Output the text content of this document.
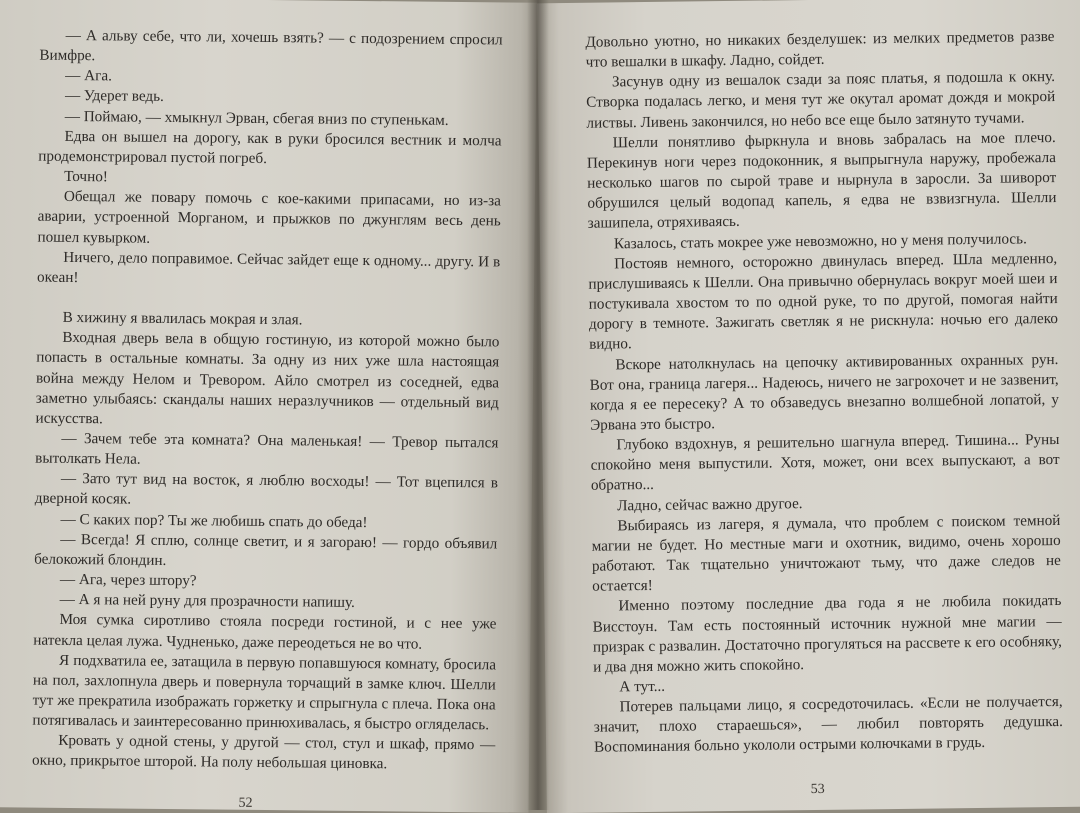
— А альву себе, что ли, хочешь взять? — с подозрением спросил Вимфре.

— Ага.

— Удерет ведь.

— Поймаю, — хмыкнул Эрван, сбегая вниз по ступенькам.

Едва он вышел на дорогу, как в руки бросился вестник и молча продемонстрировал пустой погреб.

Точно!

Обещал же повару помочь с кое-какими припасами, но из-за аварии, устроенной Морганом, и прыжков по джунглям весь день пошел кувырком.

Ничего, дело поправимое. Сейчас зайдет еще к одному... другу. И в океан!

В хижину я ввалилась мокрая и злая.

Входная дверь вела в общую гостиную, из которой можно было попасть в остальные комнаты. За одну из них уже шла настоящая война между Нелом и Тревором. Айло смотрел из соседней, едва заметно улыбаясь: скандалы наших неразлучников — отдельный вид искусства.

— Зачем тебе эта комната? Она маленькая! — Тревор пытался вытолкать Нела.

— Зато тут вид на восток, я люблю восходы! — Тот вцепился в дверной косяк.

— С каких пор? Ты же любишь спать до обеда!

— Всегда! Я сплю, солнце светит, и я загораю! — гордо объявил белокожий блондин.

— Ага, через штору?

— А я на ней руну для прозрачности напишу.

Моя сумка сиротливо стояла посреди гостиной, и с нее уже натекла целая лужа. Чудненько, даже переодеться не во что.

Я подхватила ее, затащила в первую попавшуюся комнату, бросила на пол, захлопнула дверь и повернула торчащий в замке ключ. Шелли тут же прекратила изображать горжетку и спрыгнула с плеча. Пока она потягивалась и заинтересованно принюхивалась, я быстро огляделась.

Кровать у одной стены, у другой — стол, стул и шкаф, прямо — окно, прикрытое шторой. На полу небольшая циновка.

52

Довольно уютно, но никаких безделушек: из мелких предметов разве что вешалки в шкафу. Ладно, сойдет.

Засунув одну из вешалок сзади за пояс платья, я подошла к окну. Створка подалась легко, и меня тут же окутал аромат дождя и мокрой листвы. Ливень закончился, но небо все еще было затянуто тучами.

Шелли понятливо фыркнула и вновь забралась на мое плечо. Перекинув ноги через подоконник, я выпрыгнула наружу, пробежала несколько шагов по сырой траве и нырнула в заросли. За шиворот обрушился целый водопад капель, я едва не взвизгнула. Шелли зашипела, отряхиваясь.

Казалось, стать мокрее уже невозможно, но у меня получилось.

Постояв немного, осторожно двинулась вперед. Шла медленно, прислушиваясь к Шелли. Она привычно обернулась вокруг моей шеи и постукивала хвостом то по одной руке, то по другой, помогая найти дорогу в темноте. Зажигать светляк я не рискнула: ночью его далеко видно.

Вскоре натолкнулась на цепочку активированных охранных рун. Вот она, граница лагеря... Надеюсь, ничего не загрохочет и не зазвенит, когда я ее пересеку? А то обзаведусь внезапно волшебной лопатой, у Эрвана это быстро.

Глубоко вздохнув, я решительно шагнула вперед. Тишина... Руны спокойно меня выпустили. Хотя, может, они всех выпускают, а вот обратно...

Ладно, сейчас важно другое.

Выбираясь из лагеря, я думала, что проблем с поиском темной магии не будет. Но местные маги и охотник, видимо, очень хорошо работают. Так тщательно уничтожают тьму, что даже следов не остается!

Именно поэтому последние два года я не любила покидать Висстоун. Там есть постоянный источник нужной мне магии — призрак с развалин. Достаточно прогуляться на рассвете к его особняку, и два дня можно жить спокойно.

А тут...

Потерев пальцами лицо, я сосредоточилась. «Если не получается, значит, плохо стараешься», — любил повторять дедушка. Воспоминания больно укололи острыми колючками в грудь.

53
